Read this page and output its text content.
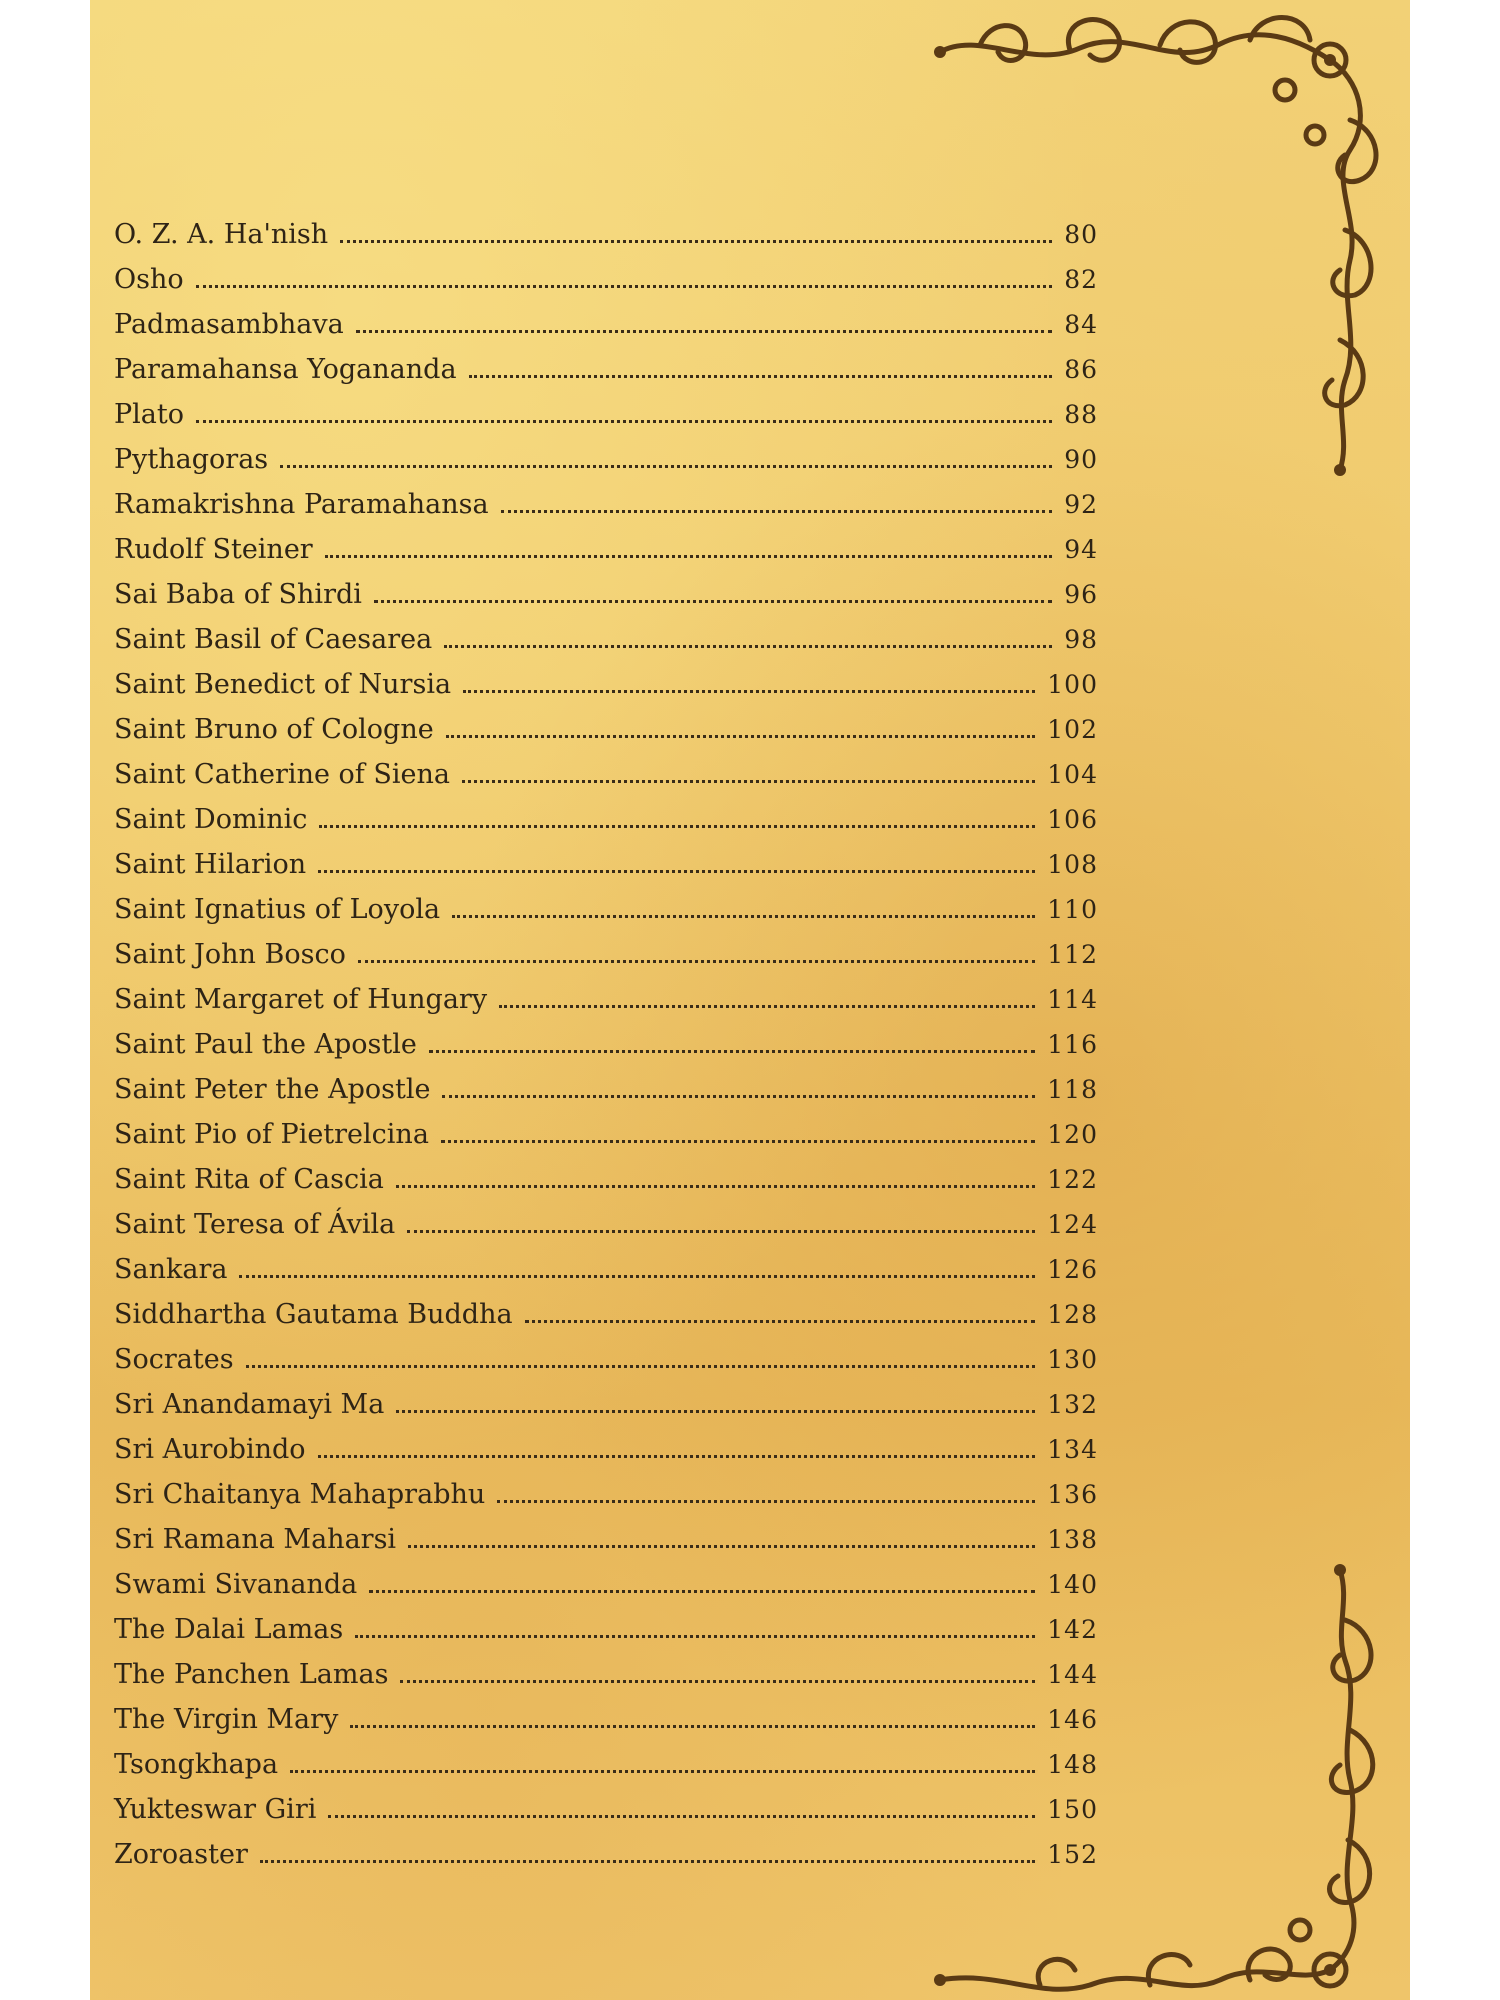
O. Z. A. Ha'nish	80
Osho	82
Padmasambhava	84
Paramahansa Yogananda	86
Plato	88
Pythagoras	90
Ramakrishna Paramahansa	92
Rudolf Steiner	94
Sai Baba of Shirdi	96
Saint Basil of Caesarea	98
Saint Benedict of Nursia	100
Saint Bruno of Cologne	102
Saint Catherine of Siena	104
Saint Dominic	106
Saint Hilarion	108
Saint Ignatius of Loyola	110
Saint John Bosco	112
Saint Margaret of Hungary	114
Saint Paul the Apostle	116
Saint Peter the Apostle	118
Saint Pio of Pietrelcina	120
Saint Rita of Cascia	122
Saint Teresa of Ávila	124
Sankara	126
Siddhartha Gautama Buddha	128
Socrates	130
Sri Anandamayi Ma	132
Sri Aurobindo	134
Sri Chaitanya Mahaprabhu	136
Sri Ramana Maharsi	138
Swami Sivananda	140
The Dalai Lamas	142
The Panchen Lamas	144
The Virgin Mary	146
Tsongkhapa	148
Yukteswar Giri	150
Zoroaster	152
